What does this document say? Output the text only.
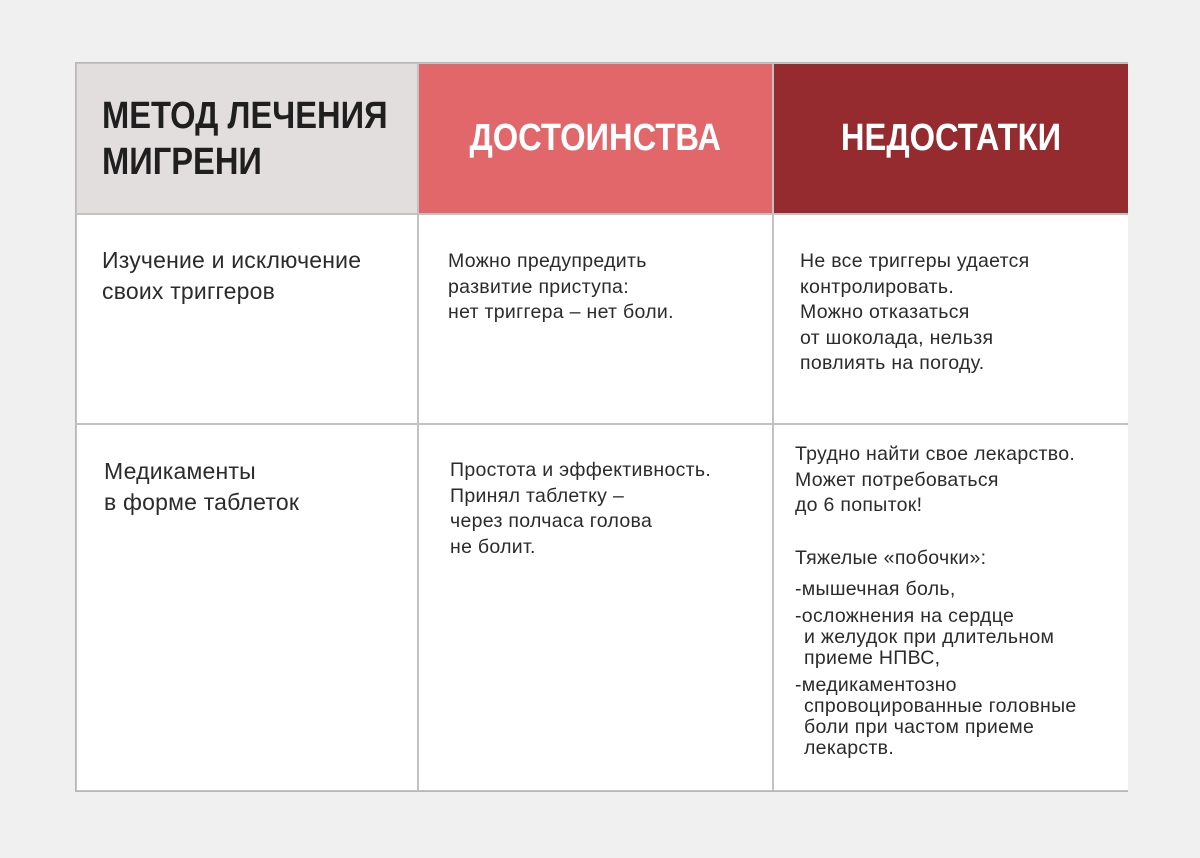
МЕТОД ЛЕЧЕНИЯ
МИГРЕНИ
ДОСТОИНСТВА	НЕДОСТАТКИ
Изучение и исключение
своих триггеров
Можно предупредить
развитие приступа:
нет триггера – нет боли.
Не все триггеры удается
контролировать.
Можно отказаться
от шоколада, нельзя
повлиять на погоду.
Медикаменты
в форме таблеток
Простота и эффективность.
Принял таблетку –
через полчаса голова
не болит.
Трудно найти свое лекарство.
Может потребоваться
до 6 попыток!
Тяжелые «побочки»:
-мышечная боль,
-осложнения на сердце
и желудок при длительном
приеме НПВС,
-медикаментозно
спровоцированные головные
боли при частом приеме
лекарств.
